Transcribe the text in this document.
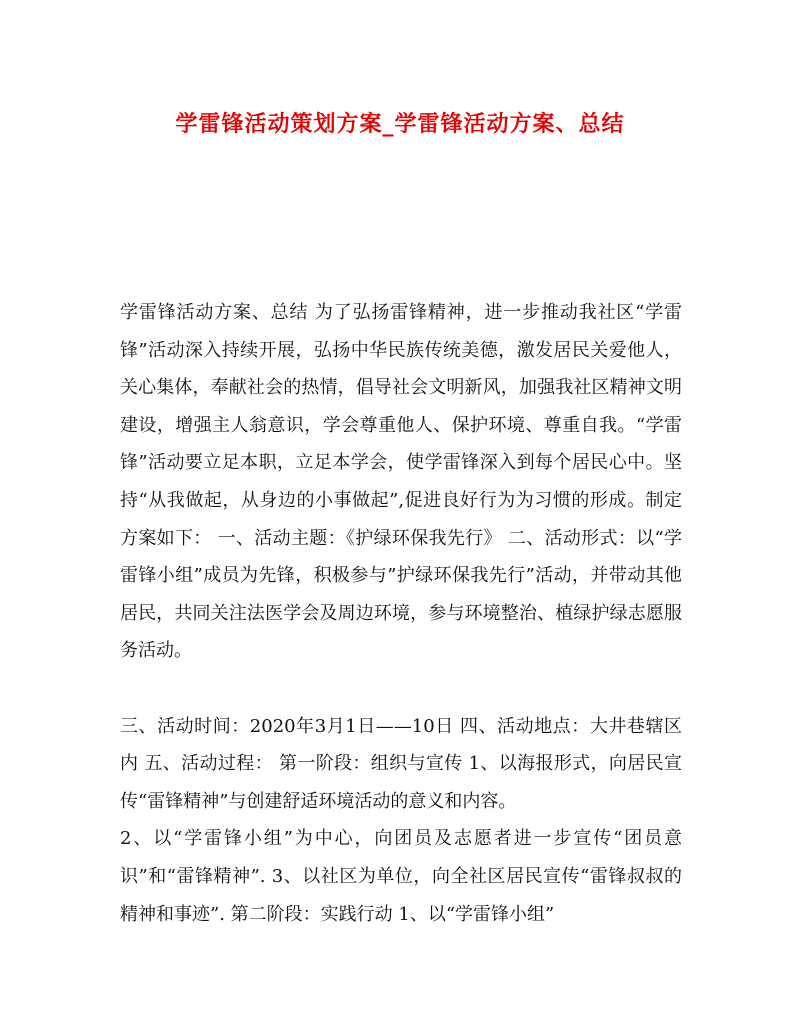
学雷锋活动策划方案_学雷锋活动方案、总结

学雷锋活动方案、总结 为了弘扬雷锋精神，进一步推动我社区“学雷锋”活动深入持续开展，弘扬中华民族传统美德，激发居民关爱他人，关心集体，奉献社会的热情，倡导社会文明新风，加强我社区精神文明建设，增强主人翁意识，学会尊重他人、保护环境、尊重自我。“学雷锋”活动要立足本职，立足本学会，使学雷锋深入到每个居民心中。坚持“从我做起，从身边的小事做起”,促进良好行为为习惯的形成。制定方案如下： 一、活动主题：《护绿环保我先行》 二、活动形式：以“学雷锋小组”成员为先锋，积极参与”护绿环保我先行”活动，并带动其他居民，共同关注法医学会及周边环境，参与环境整治、植绿护绿志愿服务活动。

三、活动时间：2020年3月1日——10日 四、活动地点：大井巷辖区内 五、活动过程： 第一阶段：组织与宣传 1、以海报形式，向居民宣传“雷锋精神”与创建舒适环境活动的意义和内容。

2、以“学雷锋小组”为中心，向团员及志愿者进一步宣传“团员意识”和“雷锋精神”. 3、以社区为单位，向全社区居民宣传“雷锋叔叔的精神和事迹”. 第二阶段：实践行动 1、以“学雷锋小组”
